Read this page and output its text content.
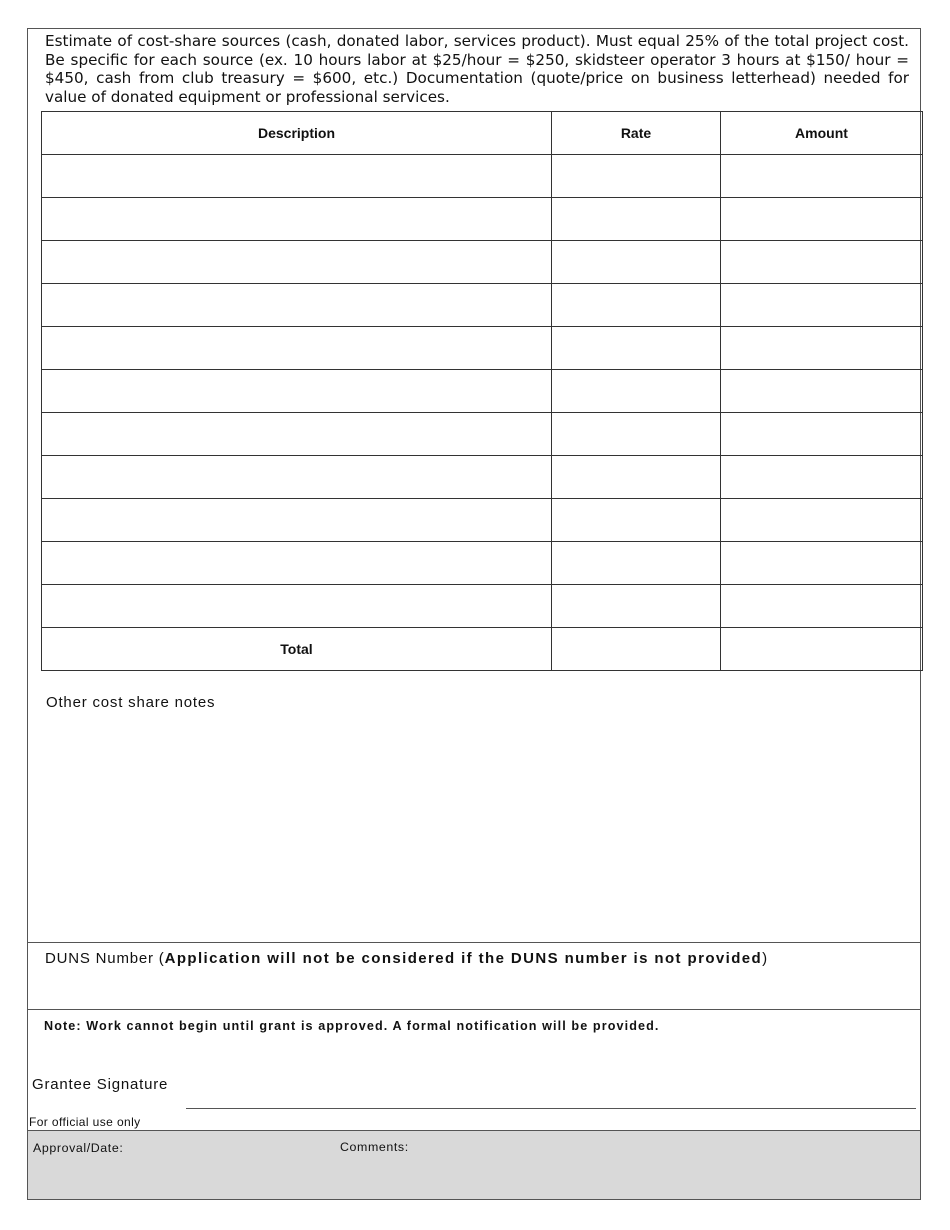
Estimate of cost-share sources (cash, donated labor, services product). Must equal 25% of the total project cost. Be specific for each source (ex. 10 hours labor at $25/hour = $250, skidsteer operator 3 hours at $150/ hour = $450, cash from club treasury = $600, etc.) Documentation (quote/price on business letterhead) needed for value of donated equipment or professional services.
Description	Rate	Amount

Total		
Other cost share notes
DUNS Number (Application will not be considered if the DUNS number is not provided)
Note: Work cannot begin until grant is approved. A formal notification will be provided.
Grantee Signature
For official use only
Approval/Date:	Comments:
